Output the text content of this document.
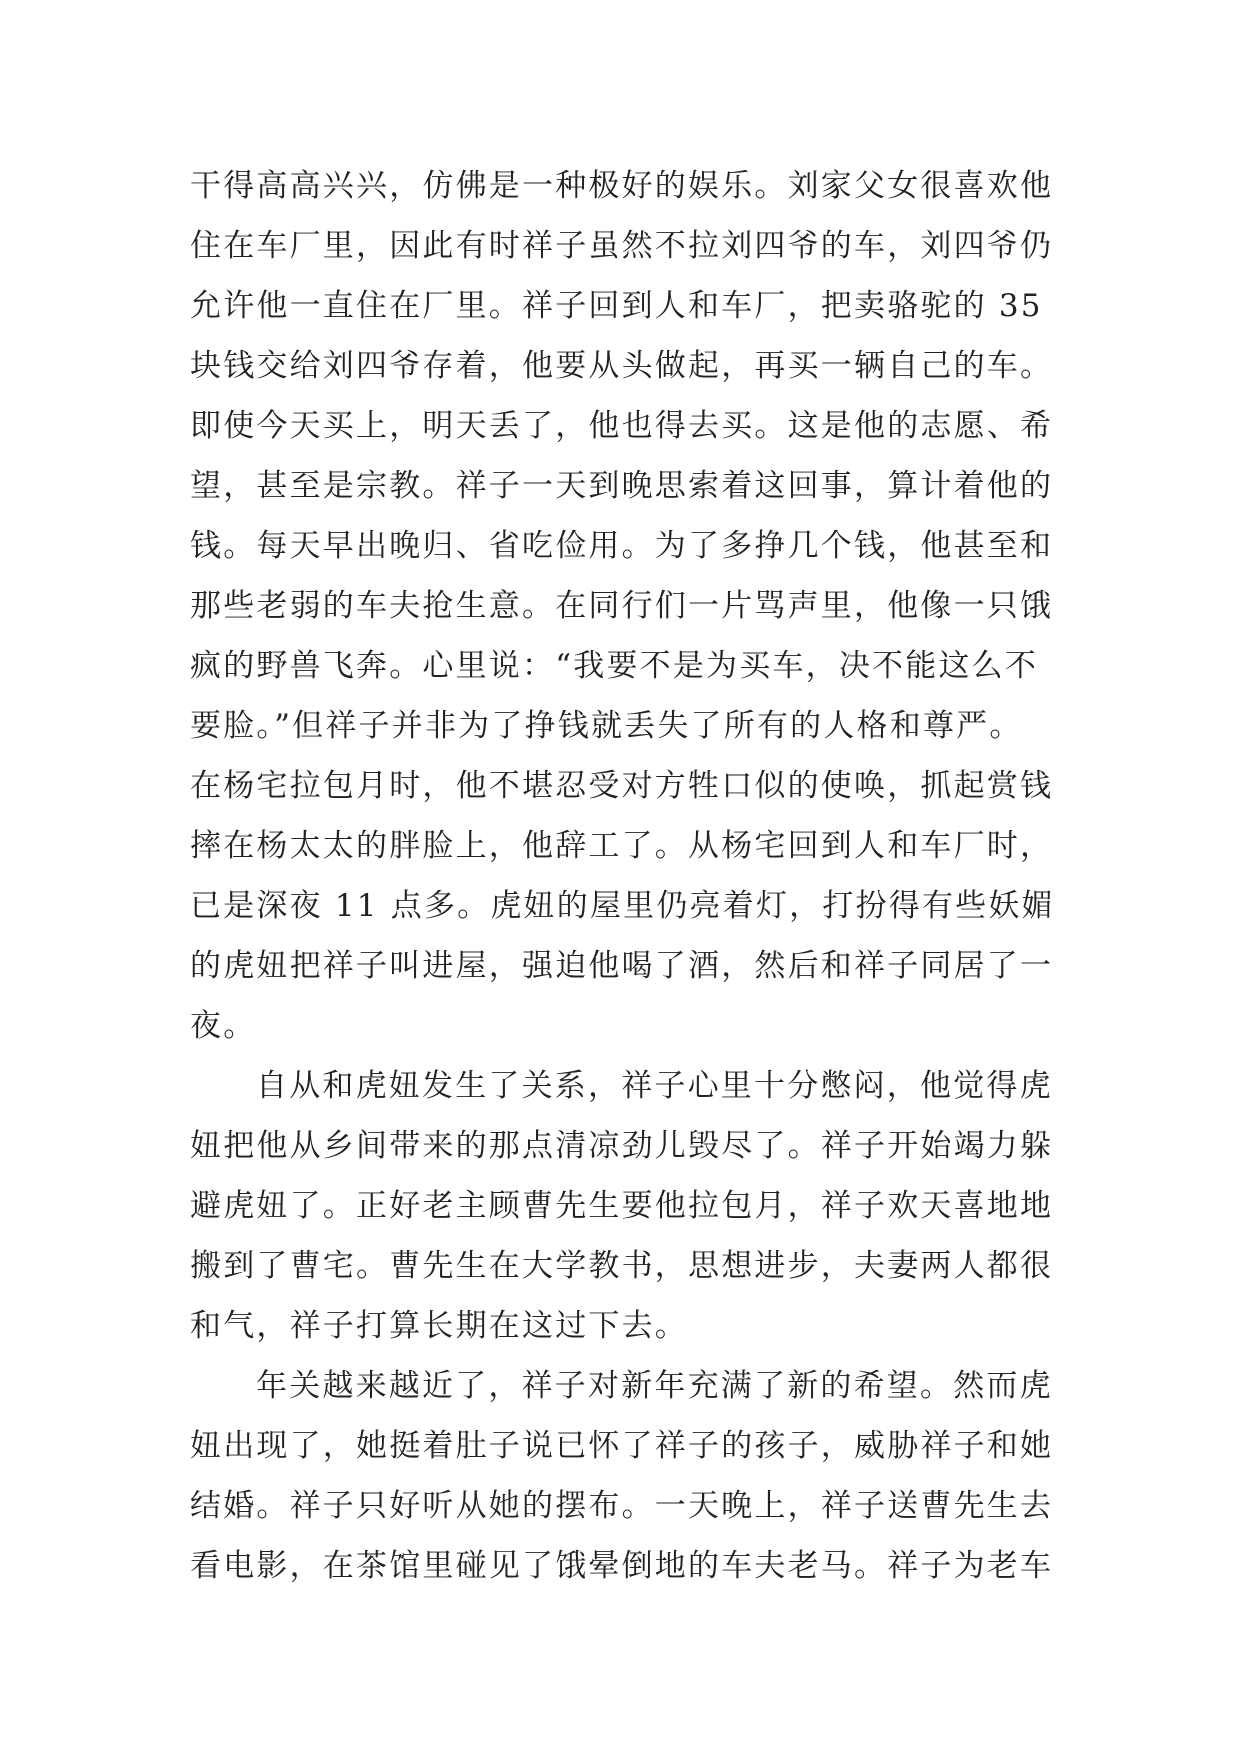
干得高高兴兴，仿佛是一种极好的娱乐。刘家父女很喜欢他
住在车厂里，因此有时祥子虽然不拉刘四爷的车，刘四爷仍
允许他一直住在厂里。祥子回到人和车厂，把卖骆驼的 35
块钱交给刘四爷存着，他要从头做起，再买一辆自己的车。
即使今天买上，明天丢了，他也得去买。这是他的志愿、希
望，甚至是宗教。祥子一天到晚思索着这回事，算计着他的
钱。每天早出晚归、省吃俭用。为了多挣几个钱，他甚至和
那些老弱的车夫抢生意。在同行们一片骂声里，他像一只饿
疯的野兽飞奔。心里说：“我要不是为买车，决不能这么不
要脸。”但祥子并非为了挣钱就丢失了所有的人格和尊严。
在杨宅拉包月时，他不堪忍受对方牲口似的使唤，抓起赏钱
摔在杨太太的胖脸上，他辞工了。从杨宅回到人和车厂时，
已是深夜 11 点多。虎妞的屋里仍亮着灯，打扮得有些妖媚
的虎妞把祥子叫进屋，强迫他喝了酒，然后和祥子同居了一
夜。
自从和虎妞发生了关系，祥子心里十分憋闷，他觉得虎
妞把他从乡间带来的那点清凉劲儿毁尽了。祥子开始竭力躲
避虎妞了。正好老主顾曹先生要他拉包月，祥子欢天喜地地
搬到了曹宅。曹先生在大学教书，思想进步，夫妻两人都很
和气，祥子打算长期在这过下去。
年关越来越近了，祥子对新年充满了新的希望。然而虎
妞出现了，她挺着肚子说已怀了祥子的孩子，威胁祥子和她
结婚。祥子只好听从她的摆布。一天晚上，祥子送曹先生去
看电影，在茶馆里碰见了饿晕倒地的车夫老马。祥子为老车
